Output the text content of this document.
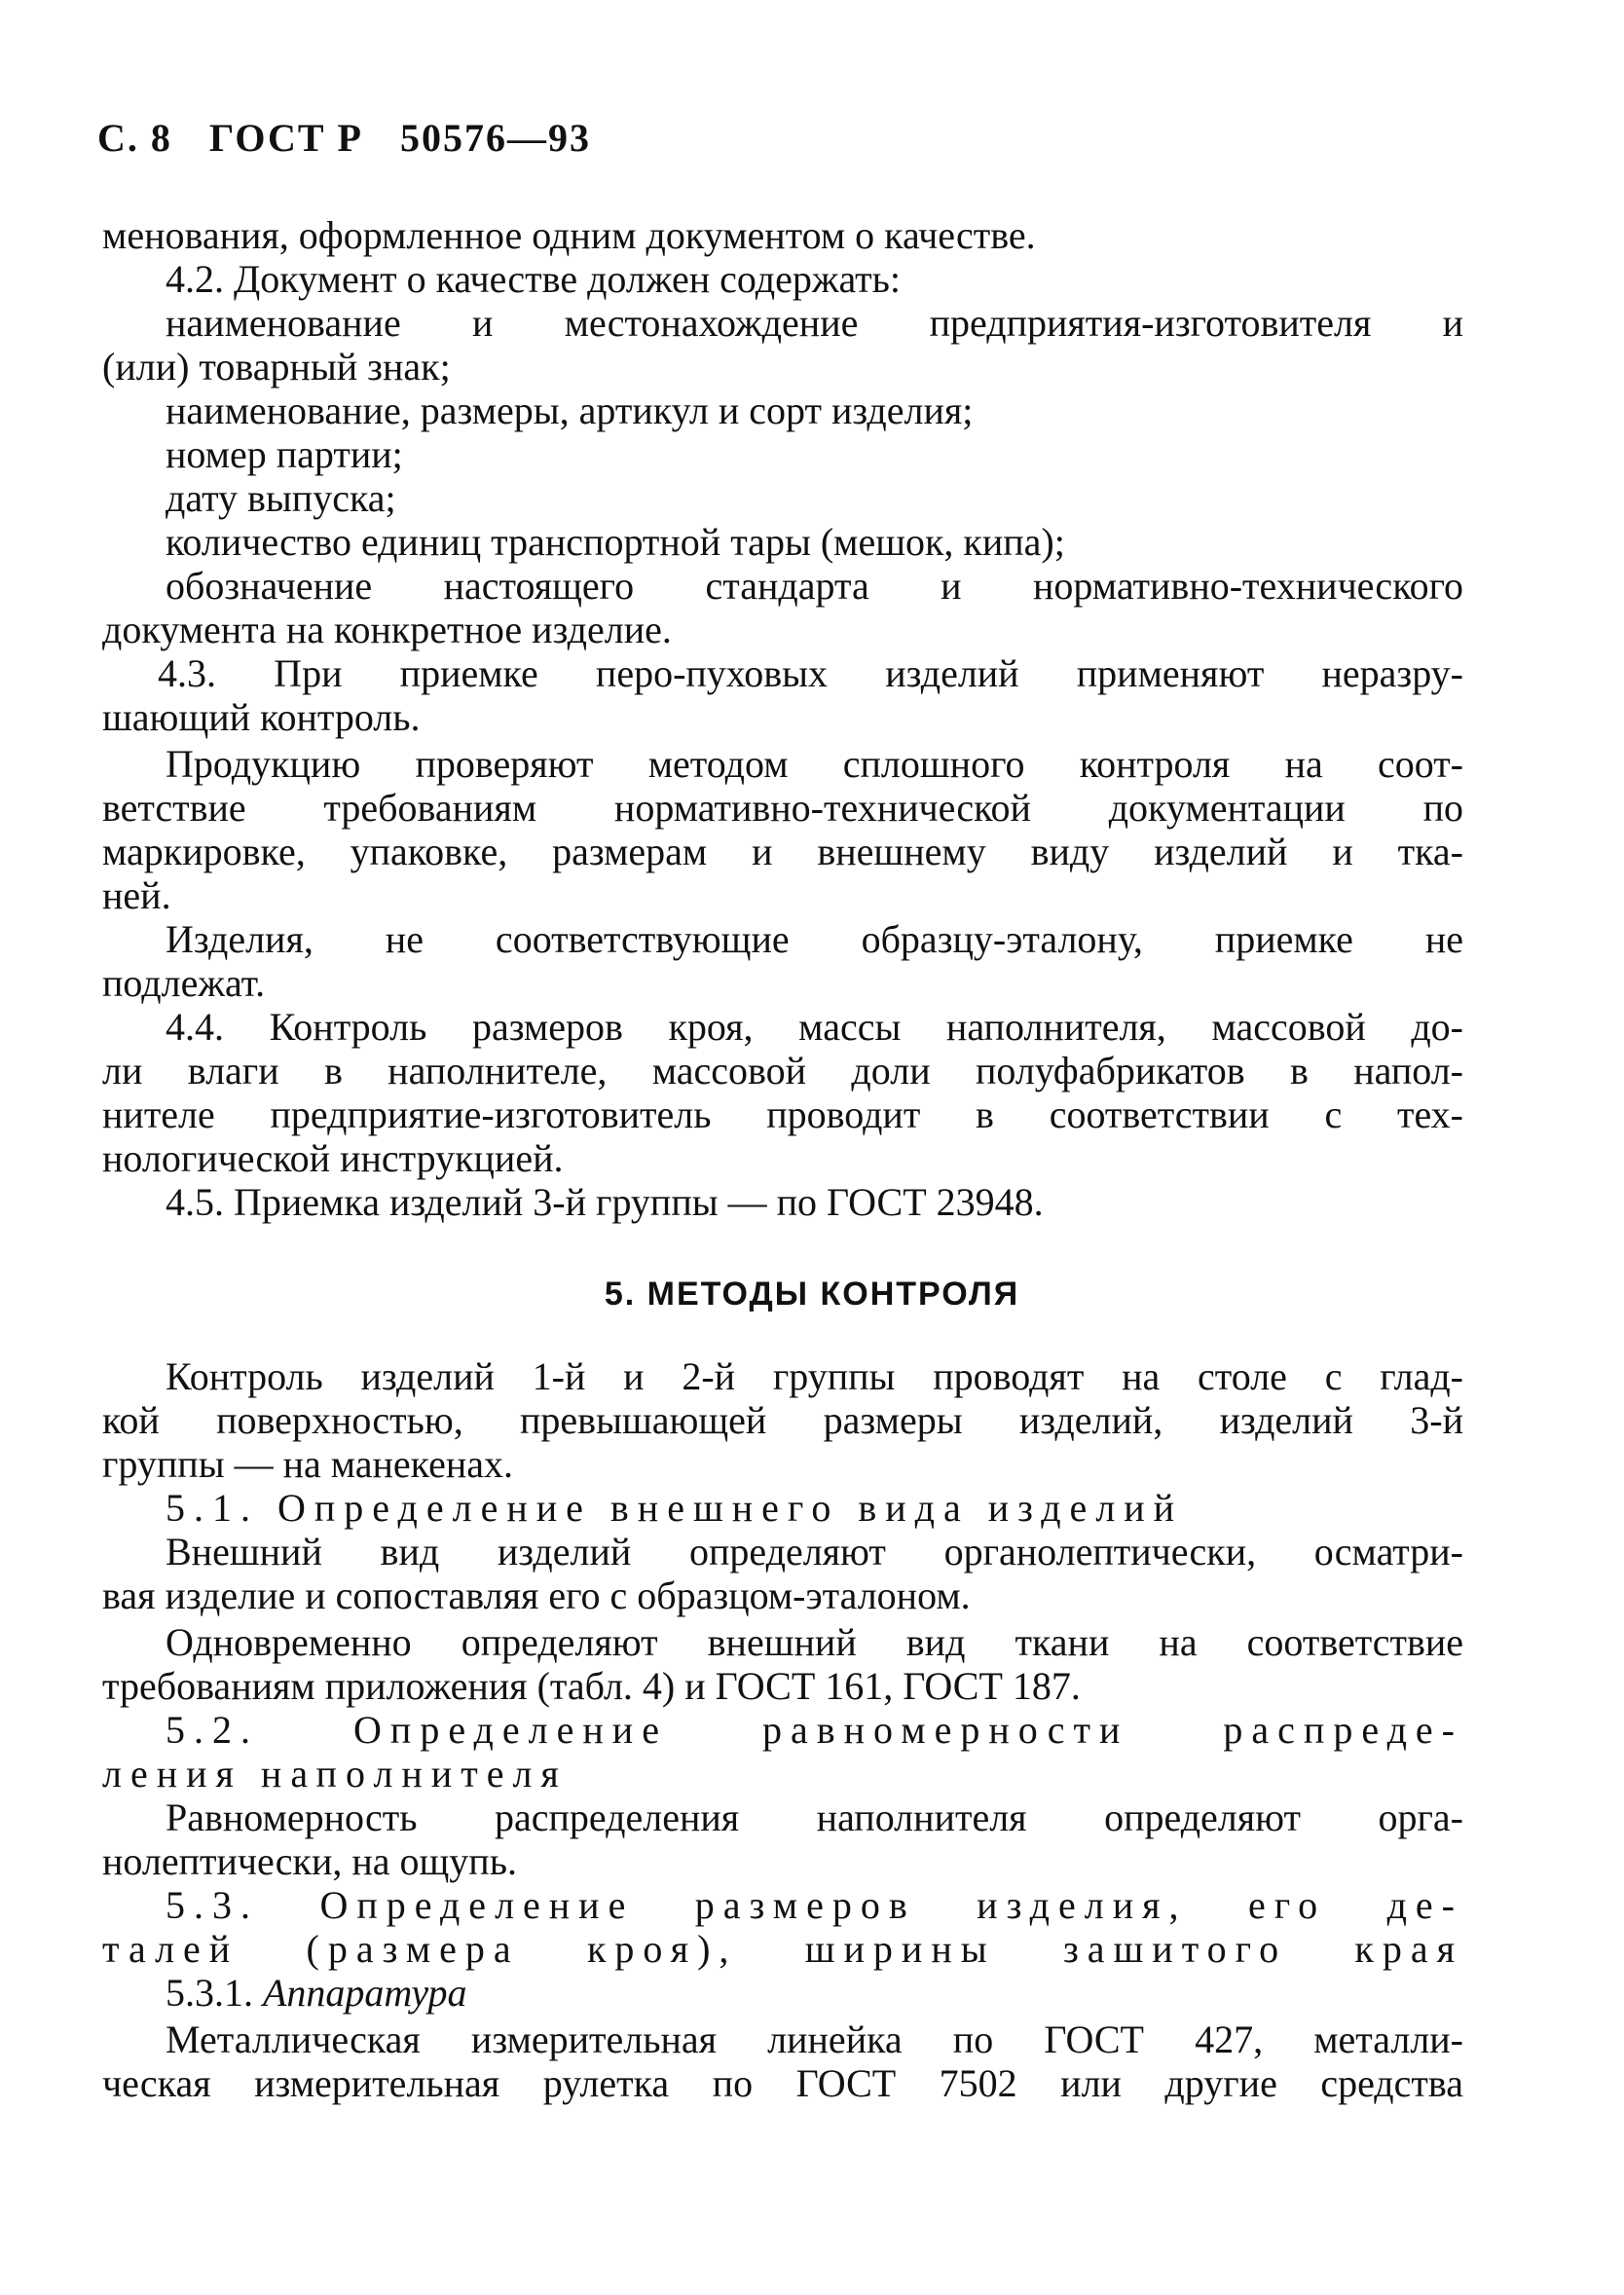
С. 8 ГОСТ Р 50576—93
менования, оформленное одним документом о качестве.
4.2. Документ о качестве должен содержать:
наименование и местонахождение предприятия-изготовителя и
(или) товарный знак;
наименование, размеры, артикул и сорт изделия;
номер партии;
дату выпуска;
количество единиц транспортной тары (мешок, кипа);
обозначение настоящего стандарта и нормативно-технического
документа на конкретное изделие.
4.3. При приемке перо-пуховых изделий применяют неразру-
шающий контроль.
Продукцию проверяют методом сплошного контроля на соот-
ветствие требованиям нормативно-технической документации по
маркировке, упаковке, размерам и внешнему виду изделий и тка-
ней.
Изделия, не соответствующие образцу-эталону, приемке не
подлежат.
4.4. Контроль размеров кроя, массы наполнителя, массовой до-
ли влаги в наполнителе, массовой доли полуфабрикатов в напол-
нителе предприятие-изготовитель проводит в соответствии с тех-
нологической инструкцией.
4.5. Приемка изделий 3-й группы — по ГОСТ 23948.
5. МЕТОДЫ КОНТРОЛЯ
Контроль изделий 1-й и 2-й группы проводят на столе с глад-
кой поверхностью, превышающей размеры изделий, изделий 3-й
группы — на манекенах.
5.1. Определение внешнего вида изделий
Внешний вид изделий определяют органолептически, осматри-
вая изделие и сопоставляя его с образцом-эталоном.
Одновременно определяют внешний вид ткани на соответствие
требованиям приложения (табл. 4) и ГОСТ 161, ГОСТ 187.
5.2. Определение равномерности распреде-
ления наполнителя
Равномерность распределения наполнителя определяют орга-
нолептически, на ощупь.
5.3. Определение размеров изделия, его де-
талей (размера кроя), ширины зашитого края
5.3.1. Аппаратура
Металлическая измерительная линейка по ГОСТ 427, металли-
ческая измерительная рулетка по ГОСТ 7502 или другие средства
